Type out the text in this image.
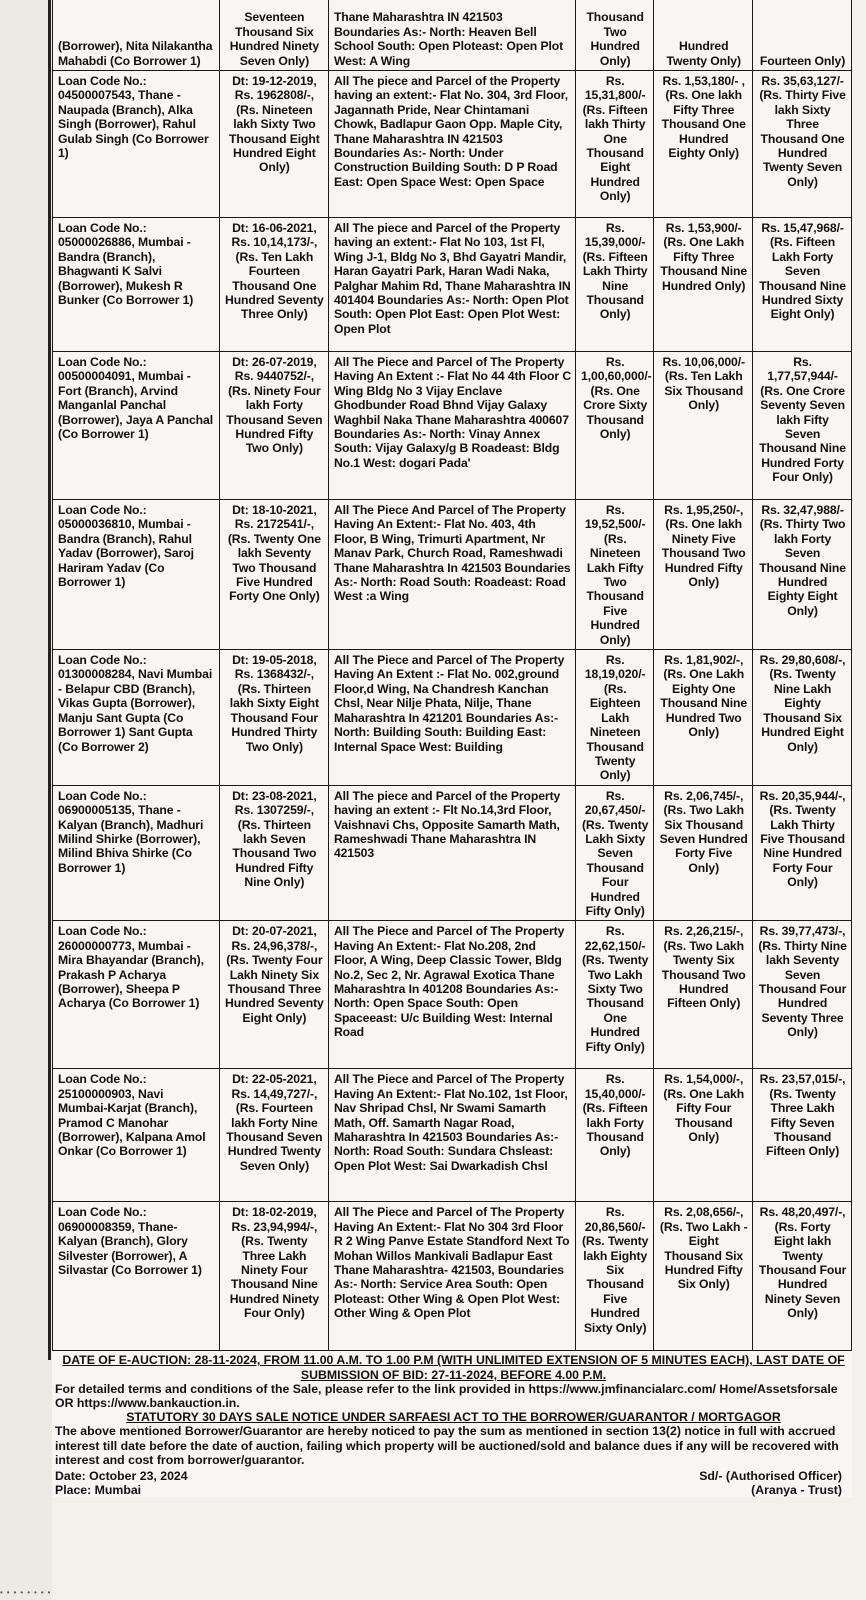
(Borrower), Nita Nilakantha Mahabdi (Co Borrower 1)	Seventeen Thousand Six Hundred Ninety Seven Only)	Thane Maharashtra IN 421503 Boundaries As:- North: Heaven Bell School South: Open Ploteast: Open Plot West: A Wing	Thousand Two Hundred Only)	Hundred Twenty Only)	Fourteen Only)
Loan Code No.: 04500007543, Thane - Naupada (Branch), Alka Singh (Borrower), Rahul Gulab Singh (Co Borrower 1)	Dt: 19-12-2019, Rs. 1962808/-, (Rs. Nineteen lakh Sixty Two Thousand Eight Hundred Eight Only)	All The piece and Parcel of the Property having an extent:- Flat No. 304, 3rd Floor, Jagannath Pride, Near Chintamani Chowk, Badlapur Gaon Opp. Maple City, Thane Maharashtra IN 421503 Boundaries As:- North: Under Construction Building South: D P Road East: Open Space West: Open Space	Rs. 15,31,800/- (Rs. Fifteen lakh Thirty One Thousand Eight Hundred Only)	Rs. 1,53,180/- , (Rs. One lakh Fifty Three Thousand One Hundred Eighty Only)	Rs. 35,63,127/- (Rs. Thirty Five lakh Sixty Three Thousand One Hundred Twenty Seven Only)
Loan Code No.: 05000026886, Mumbai - Bandra (Branch), Bhagwanti K Salvi (Borrower), Mukesh R Bunker (Co Borrower 1)	Dt: 16-06-2021, Rs. 10,14,173/-, (Rs. Ten Lakh Fourteen Thousand One Hundred Seventy Three Only)	All The piece and Parcel of the Property having an extent:- Flat No 103, 1st Fl, Wing J-1, Bldg No 3, Bhd Gayatri Mandir, Haran Gayatri Park, Haran Wadi Naka, Palghar Mahim Rd, Thane Maharashtra IN 401404 Boundaries As:- North: Open Plot South: Open Plot East: Open Plot West: Open Plot	Rs. 15,39,000/- (Rs. Fifteen Lakh Thirty Nine Thousand Only)	Rs. 1,53,900/- (Rs. One Lakh Fifty Three Thousand Nine Hundred Only)	Rs. 15,47,968/- (Rs. Fifteen Lakh Forty Seven Thousand Nine Hundred Sixty Eight Only)
Loan Code No.: 00500004091, Mumbai - Fort (Branch), Arvind Manganlal Panchal (Borrower), Jaya A Panchal (Co Borrower 1)	Dt: 26-07-2019, Rs. 9440752/-, (Rs. Ninety Four lakh Forty Thousand Seven Hundred Fifty Two Only)	All The Piece and Parcel of The Property Having An Extent :- Flat No 44 4th Floor C Wing Bldg No 3 Vijay Enclave Ghodbunder Road Bhnd Vijay Galaxy Waghbil Naka Thane Maharashtra 400607 Boundaries As:- North: Vinay Annex South: Vijay Galaxy/g B Roadeast: Bldg No.1 West: dogari Pada'	Rs. 1,00,60,000/- (Rs. One Crore Sixty Thousand Only)	Rs. 10,06,000/- (Rs. Ten Lakh Six Thousand Only)	Rs. 1,77,57,944/- (Rs. One Crore Seventy Seven lakh Fifty Seven Thousand Nine Hundred Forty Four Only)
Loan Code No.: 05000036810, Mumbai - Bandra (Branch), Rahul Yadav (Borrower), Saroj Hariram Yadav (Co Borrower 1)	Dt: 18-10-2021, Rs. 2172541/-, (Rs. Twenty One lakh Seventy Two Thousand Five Hundred Forty One Only)	All The Piece And Parcel of The Property Having An Extent:- Flat No. 403, 4th Floor, B Wing, Trimurti Apartment, Nr Manav Park, Church Road, Rameshwadi Thane Maharashtra In 421503 Boundaries As:- North: Road South: Roadeast: Road West :a Wing	Rs. 19,52,500/- (Rs. Nineteen Lakh Fifty Two Thousand Five Hundred Only)	Rs. 1,95,250/-, (Rs. One lakh Ninety Five Thousand Two Hundred Fifty Only)	Rs. 32,47,988/- (Rs. Thirty Two lakh Forty Seven Thousand Nine Hundred Eighty Eight Only)
Loan Code No.: 01300008284, Navi Mumbai - Belapur CBD (Branch), Vikas Gupta (Borrower), Manju Sant Gupta (Co Borrower 1) Sant Gupta (Co Borrower 2)	Dt: 19-05-2018, Rs. 1368432/-, (Rs. Thirteen lakh Sixty Eight Thousand Four Hundred Thirty Two Only)	All The Piece and Parcel of The Property Having An Extent :- Flat No. 002,ground Floor,d Wing, Na Chandresh Kanchan Chsl, Near Nilje Phata, Nilje, Thane Maharashtra In 421201 Boundaries As:- North: Building South: Building East: Internal Space West: Building	Rs. 18,19,020/- (Rs. Eighteen Lakh Nineteen Thousand Twenty Only)	Rs. 1,81,902/-, (Rs. One Lakh Eighty One Thousand Nine Hundred Two Only)	Rs. 29,80,608/-, (Rs. Twenty Nine Lakh Eighty Thousand Six Hundred Eight Only)
Loan Code No.: 06900005135, Thane - Kalyan (Branch), Madhuri Milind Shirke (Borrower), Milind Bhiva Shirke (Co Borrower 1)	Dt: 23-08-2021, Rs. 1307259/-, (Rs. Thirteen lakh Seven Thousand Two Hundred Fifty Nine Only)	All The piece and Parcel of the Property having an extent :- Flt No.14,3rd Floor, Vaishnavi Chs, Opposite Samarth Math, Rameshwadi Thane Maharashtra IN 421503	Rs. 20,67,450/- (Rs. Twenty Lakh Sixty Seven Thousand Four Hundred Fifty Only)	Rs. 2,06,745/-, (Rs. Two Lakh Six Thousand Seven Hundred Forty Five Only)	Rs. 20,35,944/-, (Rs. Twenty Lakh Thirty Five Thousand Nine Hundred Forty Four Only)
Loan Code No.: 26000000773, Mumbai - Mira Bhayandar (Branch), Prakash P Acharya (Borrower), Sheepa P Acharya (Co Borrower 1)	Dt: 20-07-2021, Rs. 24,96,378/-, (Rs. Twenty Four Lakh Ninety Six Thousand Three Hundred Seventy Eight Only)	All The Piece and Parcel of The Property Having An Extent:- Flat No.208, 2nd Floor, A Wing, Deep Classic Tower, Bldg No.2, Sec 2, Nr. Agrawal Exotica Thane Maharashtra In 401208 Boundaries As:- North: Open Space South: Open Spaceeast: U/c Building West: Internal Road	Rs. 22,62,150/- (Rs. Twenty Two Lakh Sixty Two Thousand One Hundred Fifty Only)	Rs. 2,26,215/-, (Rs. Two Lakh Twenty Six Thousand Two Hundred Fifteen Only)	Rs. 39,77,473/-, (Rs. Thirty Nine lakh Seventy Seven Thousand Four Hundred Seventy Three Only)
Loan Code No.: 25100000903, Navi Mumbai-Karjat (Branch), Pramod C Manohar (Borrower), Kalpana Amol Onkar (Co Borrower 1)	Dt: 22-05-2021, Rs. 14,49,727/-, (Rs. Fourteen lakh Forty Nine Thousand Seven Hundred Twenty Seven Only)	All The Piece and Parcel of The Property Having An Extent:- Flat No.102, 1st Floor, Nav Shripad Chsl, Nr Swami Samarth Math, Off. Samarth Nagar Road, Maharashtra In 421503 Boundaries As:- North: Road South: Sundara Chsleast: Open Plot West: Sai Dwarkadish Chsl	Rs. 15,40,000/- (Rs. Fifteen lakh Forty Thousand Only)	Rs. 1,54,000/-, (Rs. One Lakh Fifty Four Thousand Only)	Rs. 23,57,015/-, (Rs. Twenty Three Lakh Fifty Seven Thousand Fifteen Only)
Loan Code No.: 06900008359, Thane- Kalyan (Branch), Glory Silvester (Borrower), A Silvastar (Co Borrower 1)	Dt: 18-02-2019, Rs. 23,94,994/-, (Rs. Twenty Three Lakh Ninety Four Thousand Nine Hundred Ninety Four Only)	All The Piece and Parcel of The Property Having An Extent:- Flat No 304 3rd Floor R 2 Wing Panve Estate Standford Next To Mohan Willos Mankivali Badlapur East Thane Maharashtra- 421503, Boundaries As:- North: Service Area South: Open Ploteast: Other Wing & Open Plot West: Other Wing & Open Plot	Rs. 20,86,560/- (Rs. Twenty lakh Eighty Six Thousand Five Hundred Sixty Only)	Rs. 2,08,656/-, (Rs. Two Lakh - Eight Thousand Six Hundred Fifty Six Only)	Rs. 48,20,497/-, (Rs. Forty Eight lakh Twenty Thousand Four Hundred Ninety Seven Only)
DATE OF E-AUCTION: 28-11-2024, FROM 11.00 A.M. TO 1.00 P.M (WITH UNLIMITED EXTENSION OF 5 MINUTES EACH), LAST DATE OF SUBMISSION OF BID: 27-11-2024, BEFORE 4.00 P.M.

For detailed terms and conditions of the Sale, please refer to the link provided in https://www.jmfinancialarc.com/ Home/Assetsforsale OR https://www.bankauction.in.

STATUTORY 30 DAYS SALE NOTICE UNDER SARFAESI ACT TO THE BORROWER/GUARANTOR / MORTGAGOR

The above mentioned Borrower/Guarantor are hereby noticed to pay the sum as mentioned in section 13(2) notice in full with accrued interest till date before the date of auction, failing which property will be auctioned/sold and balance dues if any will be recovered with interest and cost from borrower/guarantor.

Date: October 23, 2024

Place: Mumbai

Sd/- (Authorised Officer)
(Aranya - Trust)
••••••••
